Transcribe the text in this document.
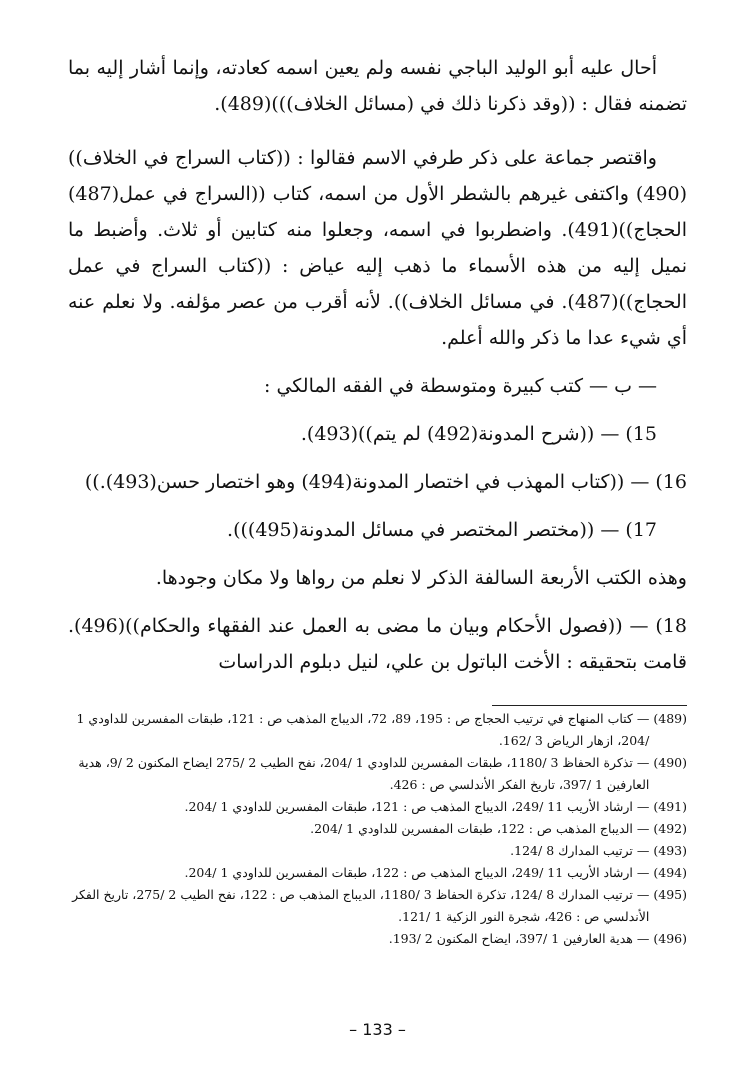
أحال عليه أبو الوليد الباجي نفسه ولم يعين اسمه كعادته، وإنما أشار إليه بما تضمنه فقال : ((وقد ذكرنا ذلك في (مسائل الخلاف)))(489).

واقتصر جماعة على ذكر طرفي الاسم فقالوا : ((كتاب السراج في الخلاف))(490) واكتفى غيرهم بالشطر الأول من اسمه، كتاب ((السراج في عمل(487) الحجاج))(491). واضطربوا في اسمه، وجعلوا منه كتابين أو ثلاث. وأضبط ما نميل إليه من هذه الأسماء ما ذهب إليه عياض : ((كتاب السراج في عمل الحجاج))(487). في مسائل الخلاف)). لأنه أقرب من عصر مؤلفه. ولا نعلم عنه أي شيء عدا ما ذكر والله أعلم.

— ب — كتب كبيرة ومتوسطة في الفقه المالكي :

15) — ((شرح المدونة(492) لم يتم))(493).

16) — ((كتاب المهذب في اختصار المدونة(494) وهو اختصار حسن(493).))

17) — ((مختصر المختصر في مسائل المدونة(495))).

وهذه الكتب الأربعة السالفة الذكر لا نعلم من رواها ولا مكان وجودها.

18) — ((فصول الأحكام وبيان ما مضى به العمل عند الفقهاء والحكام))(496). قامت بتحقيقه : الأخت الباتول بن علي، لنيل دبلوم الدراسات

(489)
— كتاب المنهاج في ترتيب الحجاج ص : 195، 89، 72، الديباج المذهب ص : 121، طبقات المفسرين للداودي 1 /204، ازهار الرياض 3 /162.
(490)
— تذكرة الحفاظ 3 /1180، طبقات المفسرين للداودي 1 /204، نفح الطيب 2 /275 ايضاح المكنون 2 /9، هدية العارفين 1 /397، تاريخ الفكر الأندلسي ص : 426.
(491)
— ارشاد الأريب 11 /249، الديباج المذهب ص : 121، طبقات المفسرين للداودي 1 /204.
(492)
— الديباج المذهب ص : 122، طبقات المفسرين للداودي 1 /204.
(493)
— ترتيب المدارك 8 /124.
(494)
— ارشاد الأريب 11 /249، الديباج المذهب ص : 122، طبقات المفسرين للداودي 1 /204.
(495)
— ترتيب المدارك 8 /124، تذكرة الحفاظ 3 /1180، الديباج المذهب ص : 122، نفح الطيب 2 /275، تاريخ الفكر الأندلسي ص : 426، شجرة النور الزكية 1 /121.
(496)
— هدية العارفين 1 /397، ايضاح المكنون 2 /193.
– 133 –
